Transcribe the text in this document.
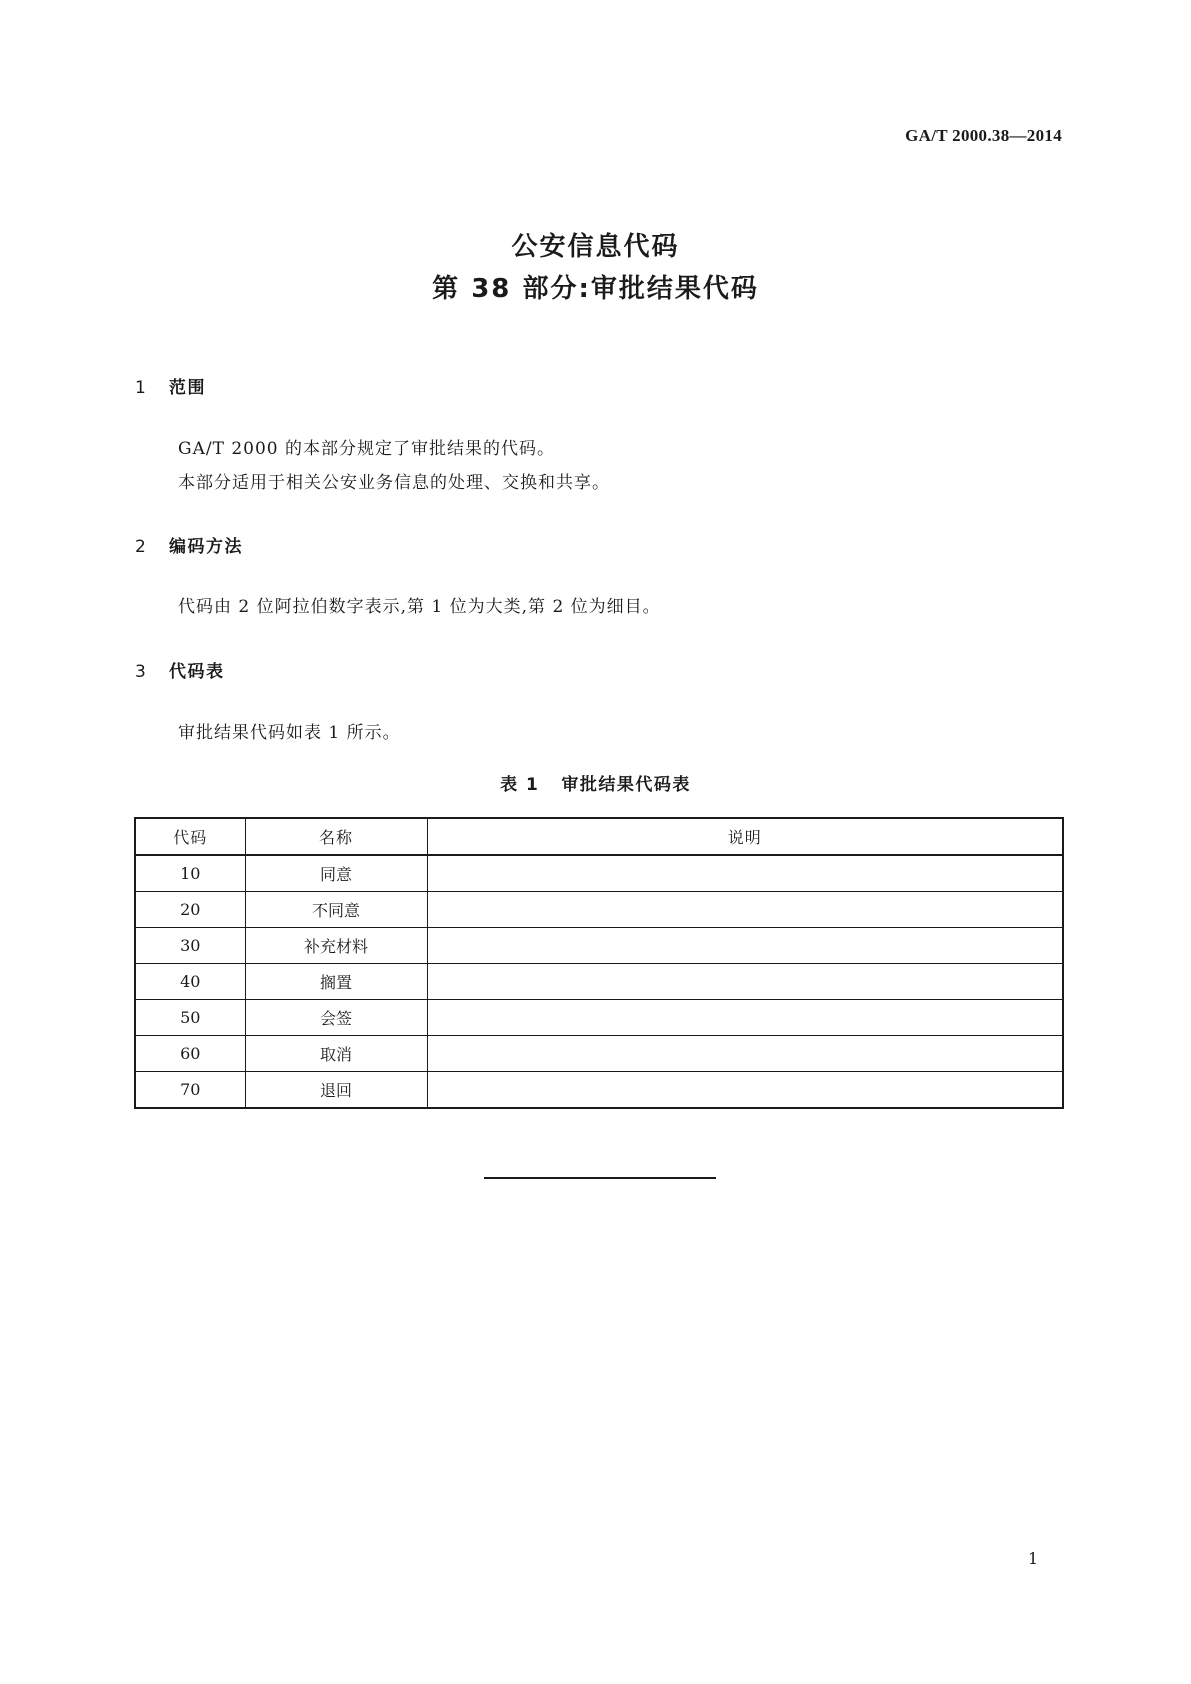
GA/T 2000.38—2014
公安信息代码
第 38 部分:审批结果代码
1 范围
GA/T 2000 的本部分规定了审批结果的代码。
本部分适用于相关公安业务信息的处理、交换和共享。
2 编码方法
代码由 2 位阿拉伯数字表示,第 1 位为大类,第 2 位为细目。
3 代码表
审批结果代码如表 1 所示。
表 1 审批结果代码表
代码	名称	说明
10	同意	
20	不同意	
30	补充材料	
40	搁置	
50	会签	
60	取消	
70	退回	
1
